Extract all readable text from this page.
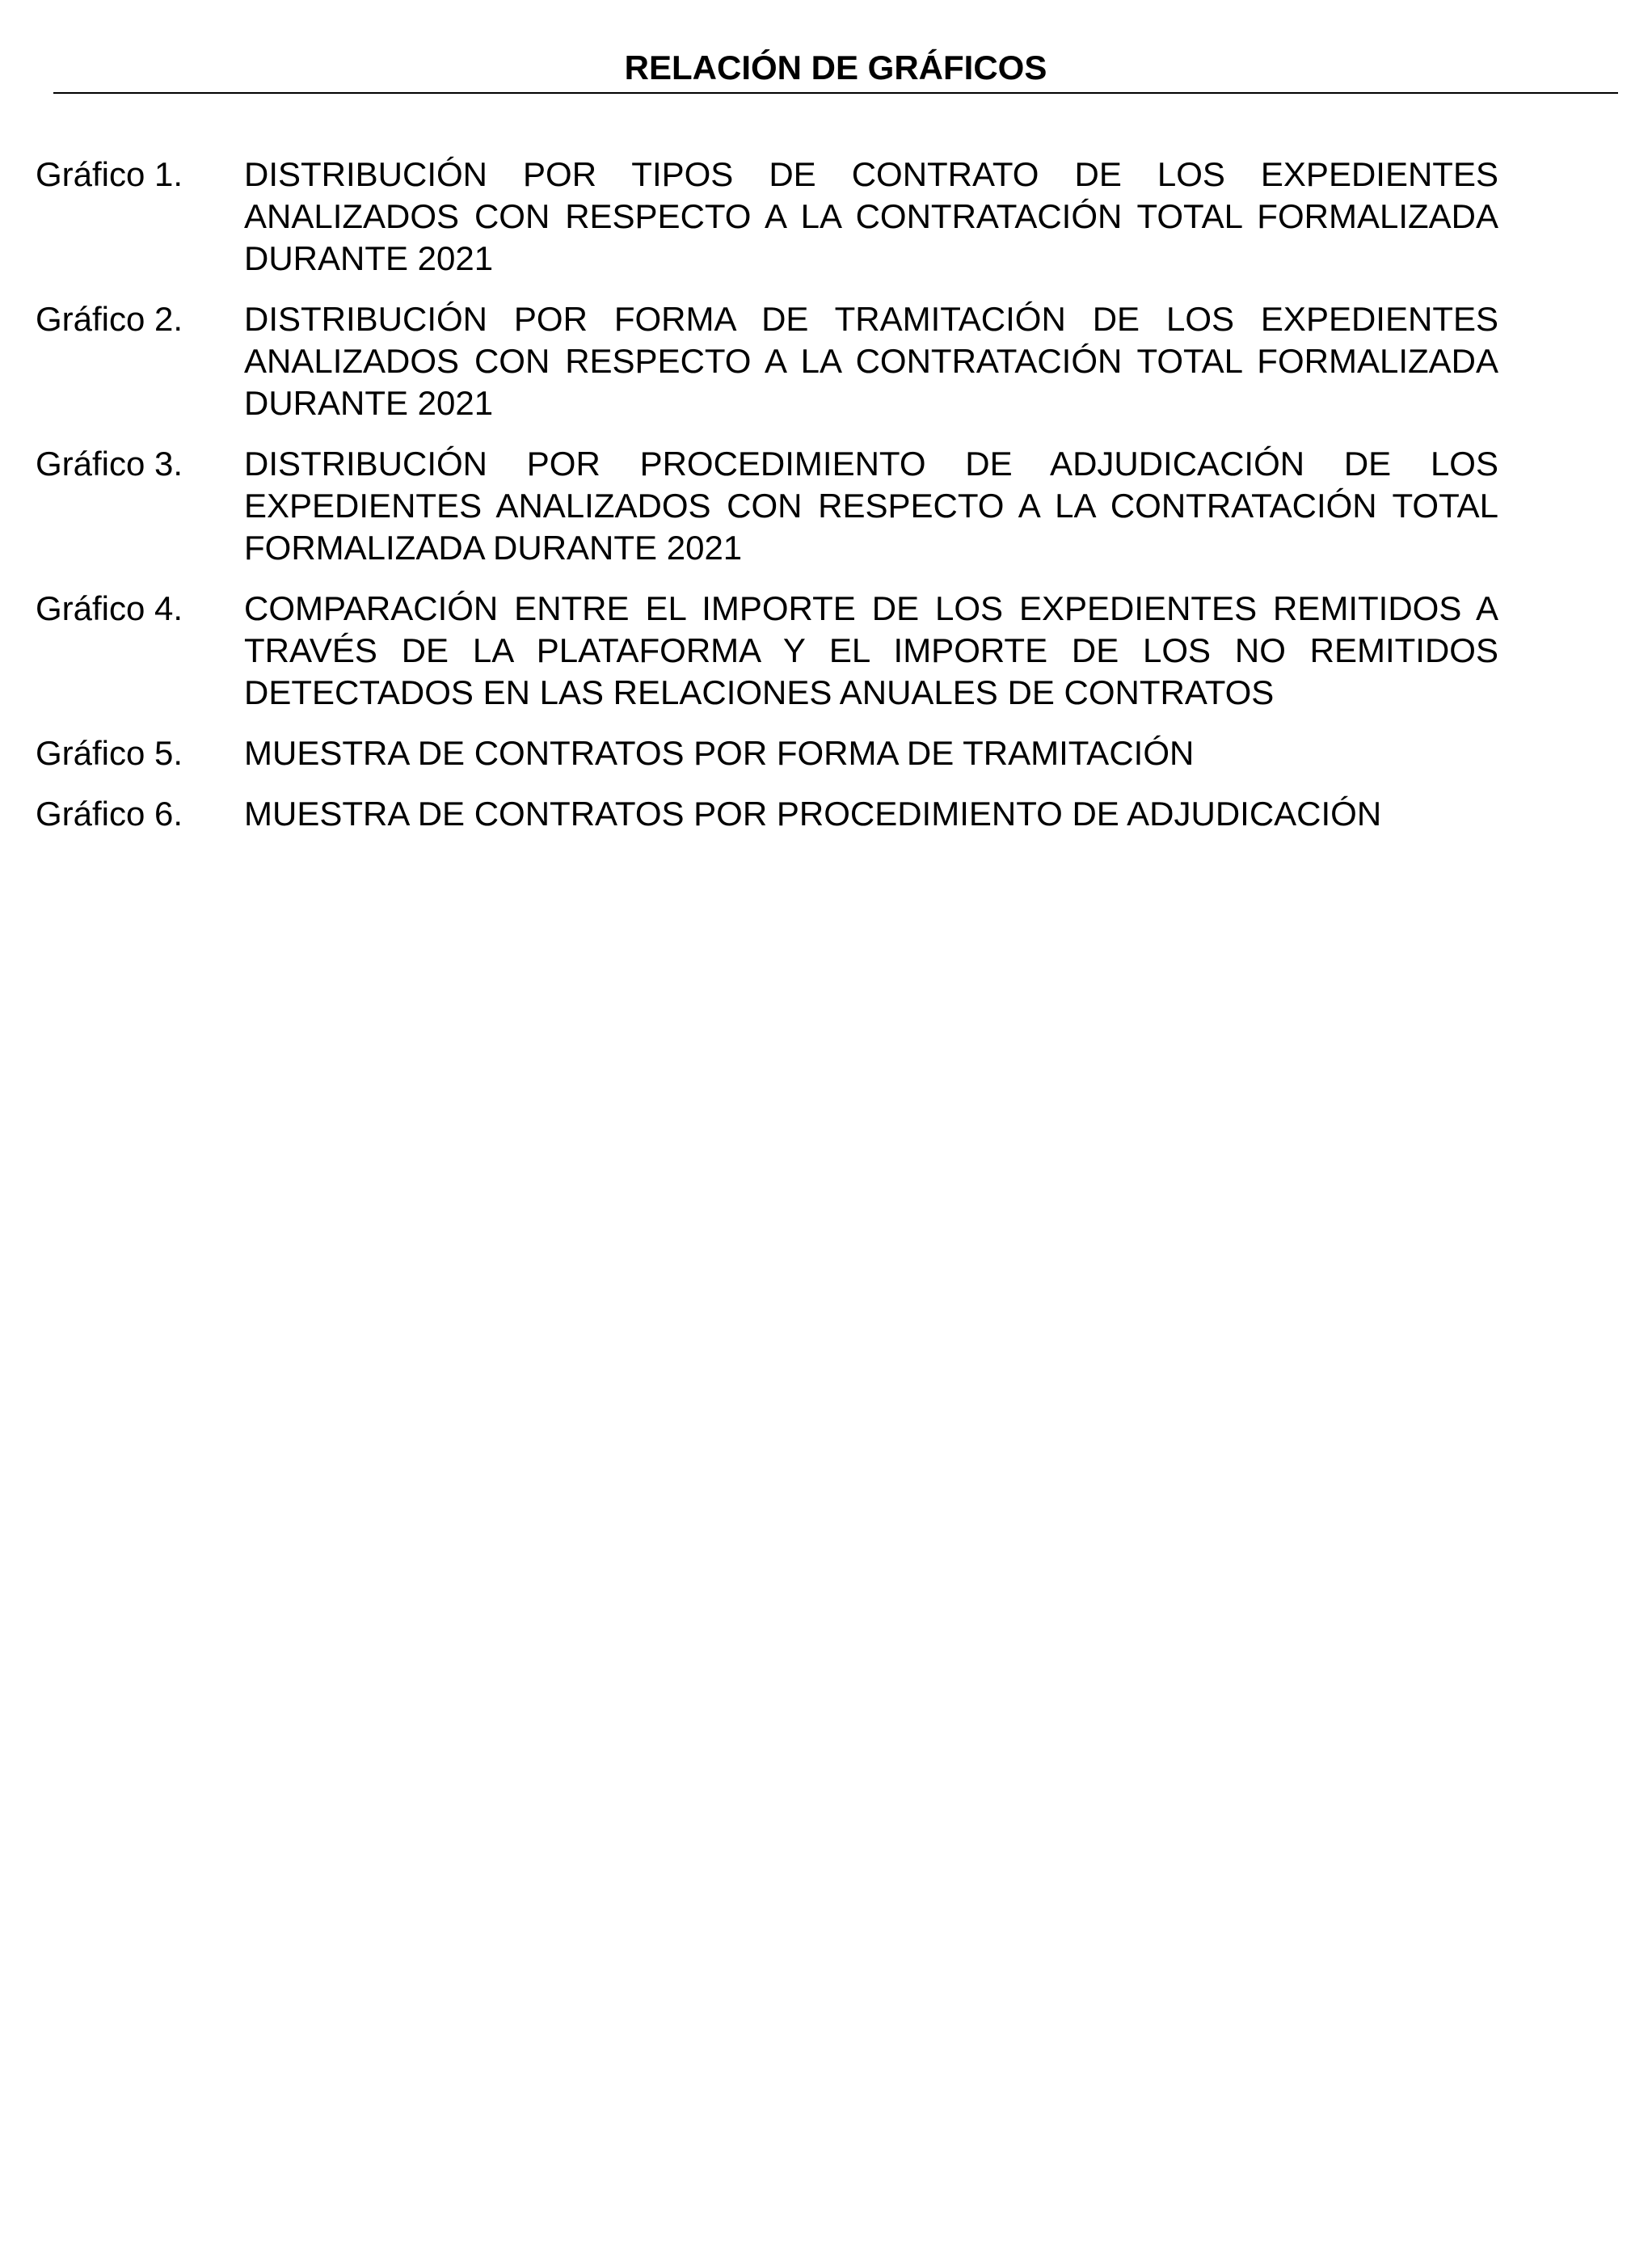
RELACIÓN DE GRÁFICOS
Gráfico 1. DISTRIBUCIÓN POR TIPOS DE CONTRATO DE LOS EXPEDIENTES ANALIZADOS CON RESPECTO A LA CONTRATACIÓN TOTAL FORMALIZADA DURANTE 2021
Gráfico 2. DISTRIBUCIÓN POR FORMA DE TRAMITACIÓN DE LOS EXPEDIENTES ANALIZADOS CON RESPECTO A LA CONTRATACIÓN TOTAL FORMALIZADA DURANTE 2021
Gráfico 3. DISTRIBUCIÓN POR PROCEDIMIENTO DE ADJUDICACIÓN DE LOS EXPEDIENTES ANALIZADOS CON RESPECTO A LA CONTRATACIÓN TOTAL FORMALIZADA DURANTE 2021
Gráfico 4. COMPARACIÓN ENTRE EL IMPORTE DE LOS EXPEDIENTES REMITIDOS A TRAVÉS DE LA PLATAFORMA Y EL IMPORTE DE LOS NO REMITIDOS DETECTADOS EN LAS RELACIONES ANUALES DE CONTRATOS
Gráfico 5. MUESTRA DE CONTRATOS POR FORMA DE TRAMITACIÓN
Gráfico 6. MUESTRA DE CONTRATOS POR PROCEDIMIENTO DE ADJUDICACIÓN
